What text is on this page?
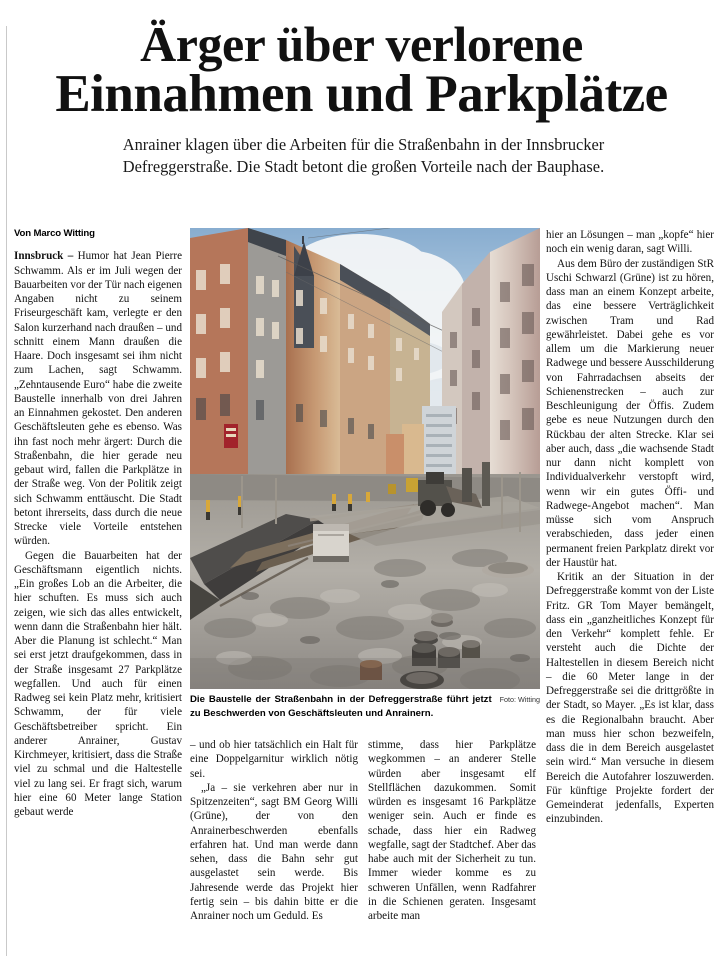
Ärger über verlorene
Einnahmen und Parkplätze
Anrainer klagen über die Arbeiten für die Straßenbahn in der Innsbrucker
Defreggerstraße. Die Stadt betont die großen Vorteile nach der Bauphase.
Von Marco Witting

Innsbruck – Humor hat Jean Pierre Schwamm. Als er im Juli wegen der Bauarbeiten vor der Tür nach eigenen Angaben nicht zu seinem Friseurgeschäft kam, verlegte er den Salon kurzerhand nach draußen – und schnitt einem Mann draußen die Haare. Doch insgesamt sei ihm nicht zum Lachen, sagt Schwamm. „Zehntausende Euro“ habe die zweite Baustelle innerhalb von drei Jahren an Einnahmen gekostet. Den anderen Geschäftsleuten gehe es ebenso. Was ihn fast noch mehr ärgert: Durch die Straßenbahn, die hier gerade neu gebaut wird, fallen die Parkplätze in der Straße weg. Von der Politik zeigt sich Schwamm enttäuscht. Die Stadt betont ihrerseits, dass durch die neue Strecke viele Vorteile entstehen würden.

Gegen die Bauarbeiten hat der Geschäftsmann eigentlich nichts. „Ein großes Lob an die Arbeiter, die hier schuften. Es muss sich auch zeigen, wie sich das alles entwickelt, wenn dann die Straßenbahn hier hält. Aber die Planung ist schlecht.“ Man sei erst jetzt draufgekommen, dass in der Straße insgesamt 27 Parkplätze wegfallen. Und auch für einen Radweg sei kein Platz mehr, kritisiert Schwamm, der für viele Geschäftsbetreiber spricht. Ein anderer Anrainer, Gustav Kirchmeyer, kritisiert, dass die Straße viel zu schmal und die Haltestelle viel zu lang sei. Er fragt sich, warum hier eine 60 Meter lange Station gebaut werde

Foto: Witting
Die Baustelle der Straßenbahn in der Defreggerstraße führt jetzt zu Beschwerden von Geschäftsleuten und Anrainern.

– und ob hier tatsächlich ein Halt für eine Doppelgarnitur wirklich nötig sei.

„Ja – sie verkehren aber nur in Spitzenzeiten“, sagt BM Georg Willi (Grüne), der von den Anrainerbeschwerden ebenfalls erfahren hat. Und man werde dann sehen, dass die Bahn sehr gut ausgelastet sein werde. Bis Jahresende werde das Projekt hier fertig sein – bis dahin bitte er die Anrainer noch um Geduld. Es

stimme, dass hier Parkplätze wegkommen – an anderer Stelle würden aber insgesamt elf Stellflächen dazukommen. Somit würden es insgesamt 16 Parkplätze weniger sein. Auch er finde es schade, dass hier ein Radweg wegfalle, sagt der Stadtchef. Aber das habe auch mit der Sicherheit zu tun. Immer wieder komme es zu schweren Unfällen, wenn Radfahrer in die Schienen geraten. Insgesamt arbeite man

hier an Lösungen – man „kopfe“ hier noch ein wenig daran, sagt Willi.

Aus dem Büro der zuständigen StR Uschi Schwarzl (Grüne) ist zu hören, dass man an einem Konzept arbeite, das eine bessere Verträglichkeit zwischen Tram und Rad gewährleistet. Dabei gehe es vor allem um die Markierung neuer Radwege und bessere Ausschilderung von Fahrradachsen abseits der Schienenstrecken – auch zur Beschleunigung der Öffis. Zudem gebe es neue Nutzungen durch den Rückbau der alten Strecke. Klar sei aber auch, dass „die wachsende Stadt nur dann nicht komplett von Individualverkehr verstopft wird, wenn wir ein gutes Öffi- und Radwege-Angebot machen“. Man müsse sich vom Anspruch verabschieden, dass jeder einen permanent freien Parkplatz direkt vor der Haustür hat.

Kritik an der Situation in der Defreggerstraße kommt von der Liste Fritz. GR Tom Mayer bemängelt, dass ein „ganzheitliches Konzept für den Verkehr“ komplett fehle. Er versteht auch die Dichte der Haltestellen in diesem Bereich nicht – die 60 Meter lange in der Defreggerstraße sei die drittgrößte in der Stadt, so Mayer. „Es ist klar, dass es die Regionalbahn braucht. Aber man muss hier schon bezweifeln, dass die in dem Bereich ausgelastet sein wird.“ Man versuche in diesem Bereich die Autofahrer loszuwerden. Für künftige Projekte fordert der Gemeinderat jedenfalls, Experten einzubinden.
